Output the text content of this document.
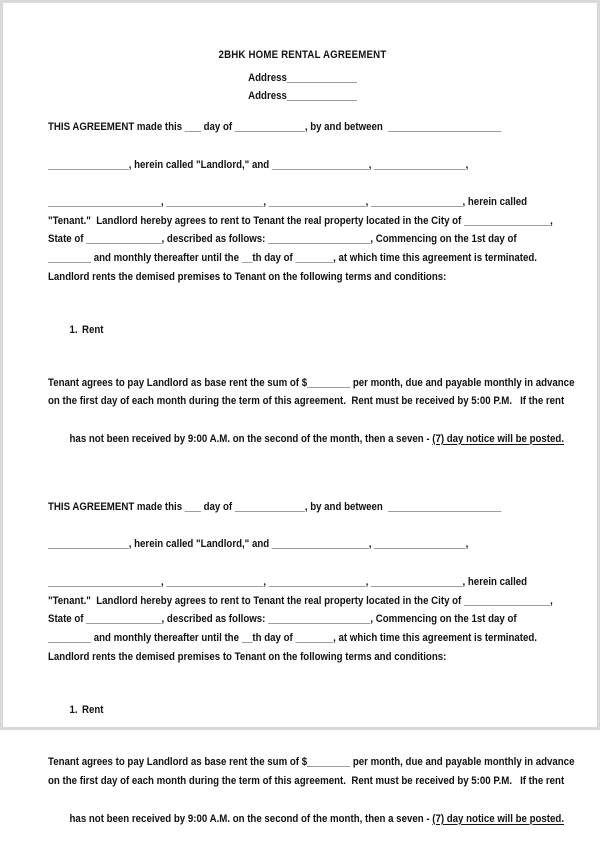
2BHK HOME RENTAL AGREEMENT
Address_____________
Address_____________
THIS AGREEMENT made this ___ day of _____________, by and between  _____________________
_______________, herein called "Landlord," and __________________, _________________,
_____________________, __________________, __________________, _________________, herein called
"Tenant."  Landlord hereby agrees to rent to Tenant the real property located in the City of ________________,
State of ______________, described as follows: ___________________, Commencing on the 1st day of
________ and monthly thereafter until the __th day of _______, at which time this agreement is terminated.
Landlord rents the demised premises to Tenant on the following terms and conditions:

1. Rent

Tenant agrees to pay Landlord as base rent the sum of $________ per month, due and payable monthly in advance
on the first day of each month during the term of this agreement.  Rent must be received by 5:00 P.M.   If the rent

has not been received by 9:00 A.M. on the second of the month, then a seven - (7) day notice will be posted.

THIS AGREEMENT made this ___ day of _____________, by and between  _____________________
_______________, herein called "Landlord," and __________________, _________________,
_____________________, __________________, __________________, _________________, herein called
"Tenant."  Landlord hereby agrees to rent to Tenant the real property located in the City of ________________,
State of ______________, described as follows: ___________________, Commencing on the 1st day of
________ and monthly thereafter until the __th day of _______, at which time this agreement is terminated.
Landlord rents the demised premises to Tenant on the following terms and conditions:

1. Rent

Tenant agrees to pay Landlord as base rent the sum of $________ per month, due and payable monthly in advance
on the first day of each month during the term of this agreement.  Rent must be received by 5:00 P.M.   If the rent

has not been received by 9:00 A.M. on the second of the month, then a seven - (7) day notice will be posted.
